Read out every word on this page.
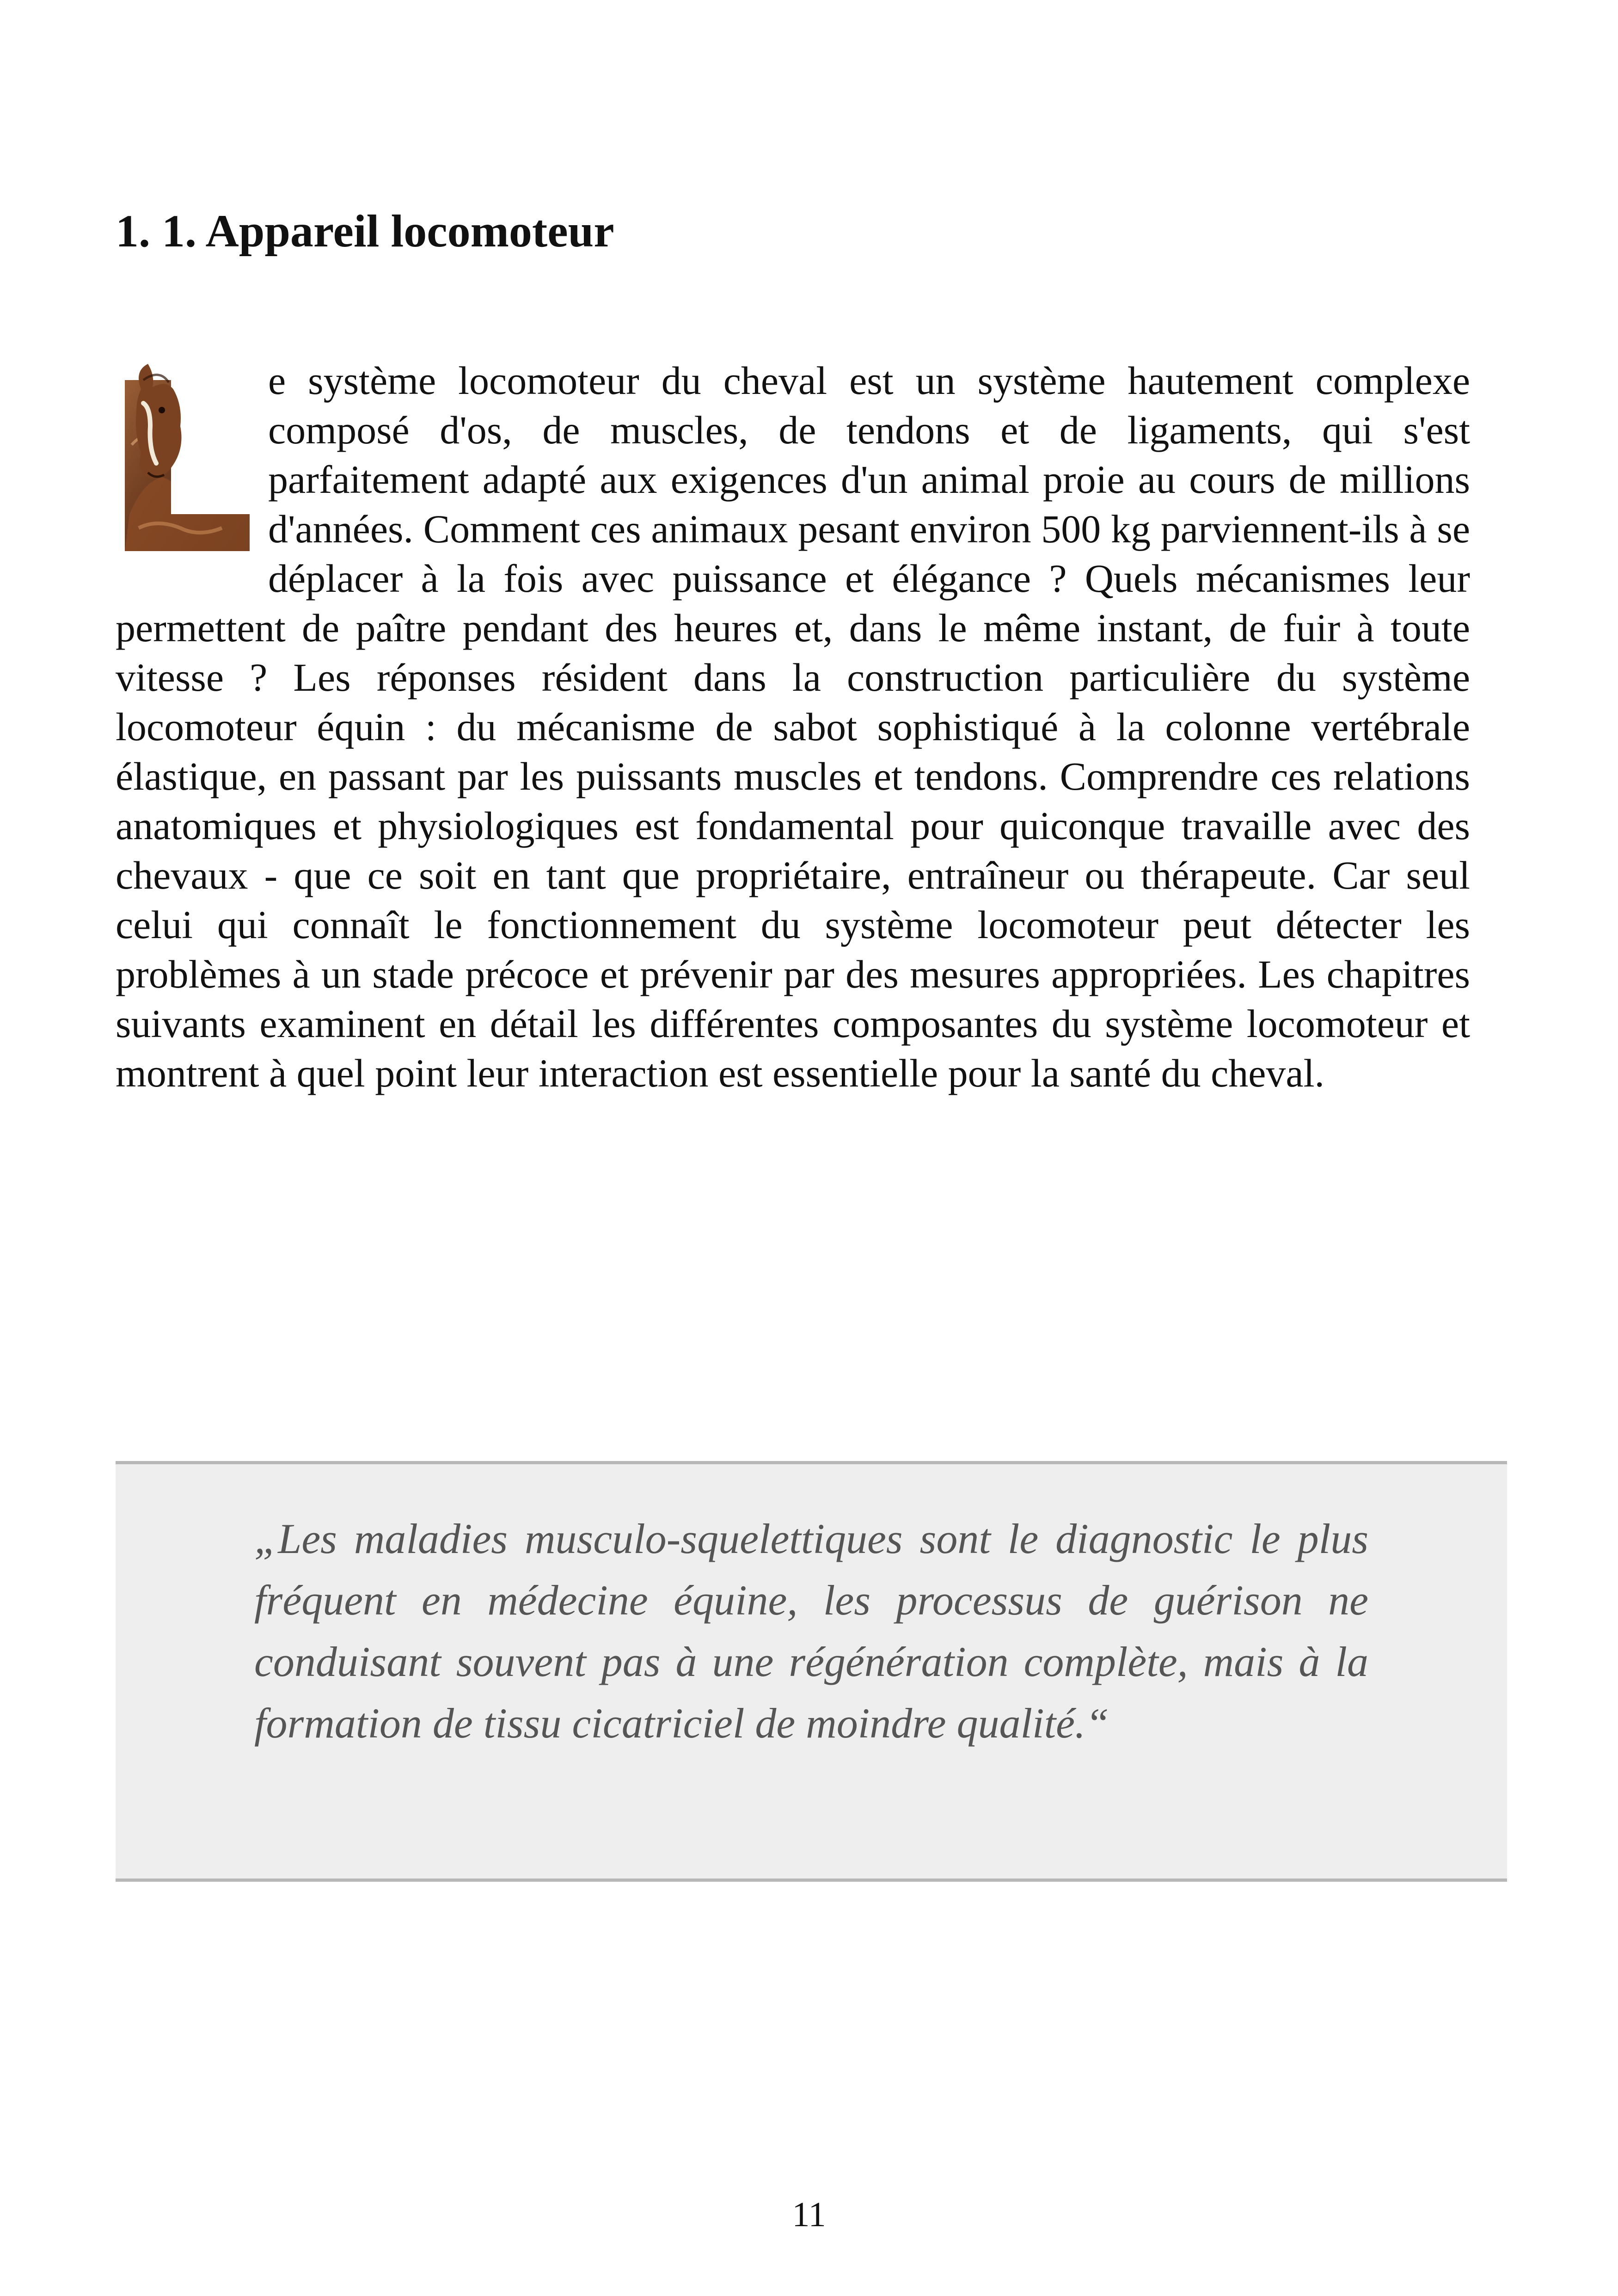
1. 1. Appareil locomoteur

e système locomoteur du cheval est un système hautement complexe composé d'os, de muscles, de tendons et de ligaments, qui s'est parfaitement adapté aux exigences d'un animal proie au cours de millions d'années. Comment ces animaux pesant environ 500 kg parviennent-ils à se déplacer à la fois avec puissance et élégance ? Quels mécanismes leur permettent de paître pendant des heures et, dans le même instant, de fuir à toute vitesse ? Les réponses résident dans la construction particulière du système locomoteur équin : du mécanisme de sabot sophistiqué à la colonne vertébrale élastique, en passant par les puissants muscles et tendons. Comprendre ces relations anatomiques et physiologiques est fondamental pour quiconque travaille avec des chevaux - que ce soit en tant que propriétaire, entraîneur ou thérapeute. Car seul celui qui connaît le fonctionnement du système locomoteur peut détecter les problèmes à un stade précoce et prévenir par des mesures appropriées. Les chapitres suivants examinent en détail les différentes composantes du système locomoteur et montrent à quel point leur interaction est essentielle pour la santé du cheval.

„Les maladies musculo-squelettiques sont le diagnostic le plus fréquent en médecine équine, les processus de guérison ne conduisant souvent pas à une régénération complète, mais à la formation de tissu cicatriciel de moindre qualité.“

11
